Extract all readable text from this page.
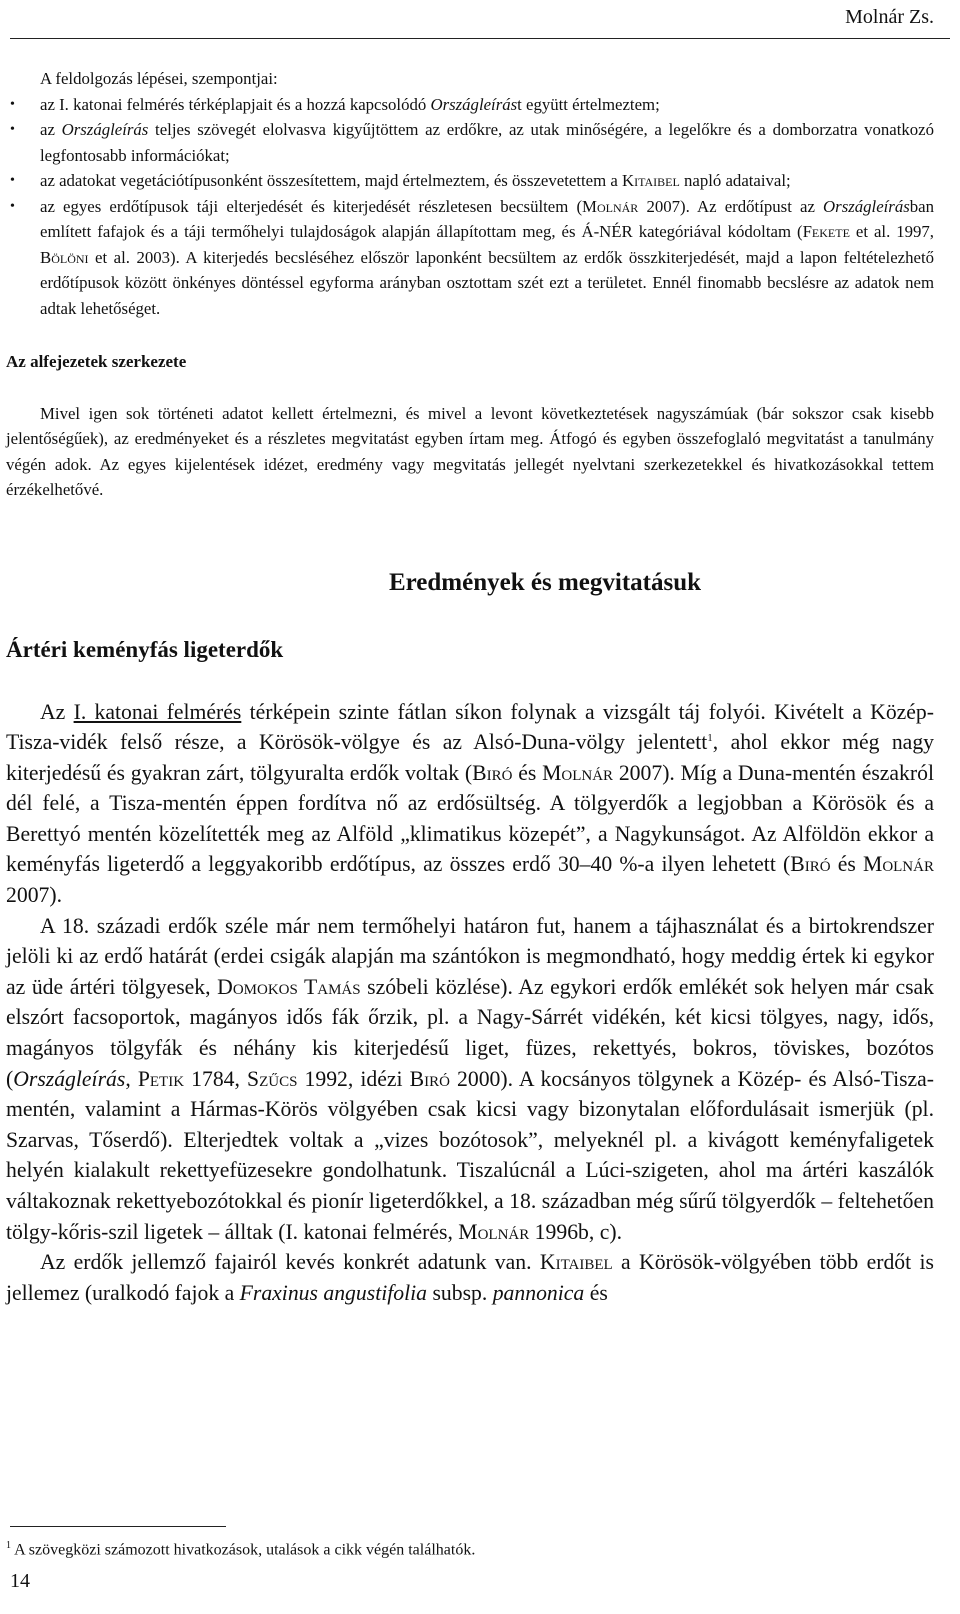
Molnár Zs.
A feldolgozás lépései, szempontjai:
• az I. katonai felmérés térképlapjait és a hozzá kapcsolódó Országleírást együtt értelmeztem;
• az Országleírás teljes szövegét elolvasva kigyűjtöttem az erdőkre, az utak minőségére, a legelőkre és a domborzatra vonatkozó legfontosabb információkat;
• az adatokat vegetációtípusonként összesítettem, majd értelmeztem, és összevetettem a Kitaibel napló adataival;
• az egyes erdőtípusok táji elterjedését és kiterjedését részletesen becsültem (Molnár 2007). Az erdőtípust az Országleírásban említett fafajok és a táji termőhelyi tulajdoságok alapján állapítottam meg, és Á-NÉR kategóriával kódoltam (Fekete et al. 1997, Bölöni et al. 2003). A kiterjedés becsléséhez először laponként becsültem az erdők összkiterjedését, majd a lapon feltételezhető erdőtípusok között önkényes döntéssel egyforma arányban osztottam szét ezt a területet. Ennél finomabb becslésre az adatok nem adtak lehetőséget.
Az alfejezetek szerkezete

Mivel igen sok történeti adatot kellett értelmezni, és mivel a levont következtetések nagyszámúak (bár sokszor csak kisebb jelentőségűek), az eredményeket és a részletes megvitatást egyben írtam meg. Átfogó és egyben összefoglaló megvitatást a tanulmány végén adok. Az egyes kijelentések idézet, eredmény vagy megvitatás jellegét nyelvtani szerkezetekkel és hivatkozásokkal tettem érzékelhetővé.

Eredmények és megvitatásuk
Ártéri keményfás ligeterdők

Az I. katonai felmérés térképein szinte fátlan síkon folynak a vizsgált táj folyói. Kivételt a Közép-Tisza-vidék felső része, a Körösök-völgye és az Alsó-Duna-völgy jelentett$^1$, ahol ekkor még nagy kiterjedésű és gyakran zárt, tölgyuralta erdők voltak (Biró és Molnár 2007). Míg a Duna-mentén északról dél felé, a Tisza-mentén éppen fordítva nő az erdősültség. A tölgyerdők a legjobban a Körösök és a Berettyó mentén közelítették meg az Alföld „klimatikus közepét”, a Nagykunságot. Az Alföldön ekkor a keményfás ligeterdő a leggyakoribb erdőtípus, az összes erdő 30–40 %-a ilyen lehetett (Biró és Molnár 2007).

A 18. századi erdők széle már nem termőhelyi határon fut, hanem a tájhasználat és a birtokrendszer jelöli ki az erdő határát (erdei csigák alapján ma szántókon is megmondható, hogy meddig értek ki egykor az üde ártéri tölgyesek, Domokos Tamás szóbeli közlése). Az egykori erdők emlékét sok helyen már csak elszórt facsoportok, magányos idős fák őrzik, pl. a Nagy-Sárrét vidékén, két kicsi tölgyes, nagy, idős, magányos tölgyfák és néhány kis kiterjedésű liget, füzes, rekettyés, bokros, töviskes, bozótos (Országleírás, Petik 1784, Szűcs 1992, idézi Biró 2000). A kocsányos tölgynek a Közép- és Alsó-Tisza-mentén, valamint a Hármas-Körös völgyében csak kicsi vagy bizonytalan előfordulásait ismerjük (pl. Szarvas, Tőserdő). Elterjedtek voltak a „vizes bozótosok”, melyeknél pl. a kivágott keményfaligetek helyén kialakult rekettyefüzesekre gondolhatunk. Tiszalúcnál a Lúci-szigeten, ahol ma ártéri kaszálók váltakoznak rekettyebozótokkal és pionír ligeterdőkkel, a 18. században még sűrű tölgyerdők – feltehetően tölgy-kőris-szil ligetek – álltak (I. katonai felmérés, Molnár 1996b, c).

Az erdők jellemző fajairól kevés konkrét adatunk van. Kitaibel a Körösök-völgyében több erdőt is jellemez (uralkodó fajok a Fraxinus angustifolia subsp. pannonica és

$^1$ A szövegközi számozott hivatkozások, utalások a cikk végén találhatók.
14
